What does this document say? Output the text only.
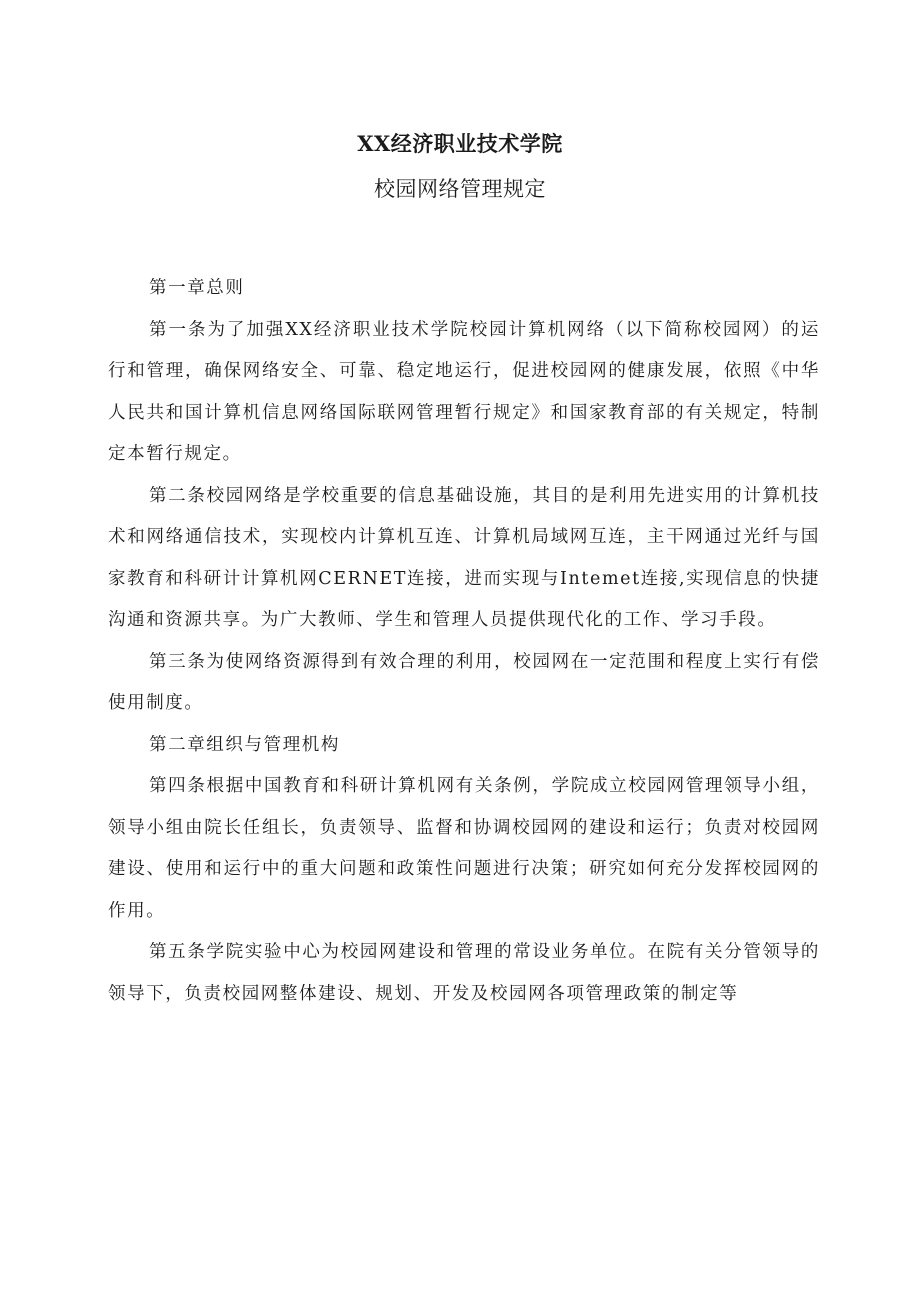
XX经济职业技术学院
校园网络管理规定

第一章总则

第一条为了加强XX经济职业技术学院校园计算机网络（以下简称校园网）的运行和管理，确保网络安全、可靠、稳定地运行，促进校园网的健康发展，依照《中华人民共和国计算机信息网络国际联网管理暂行规定》和国家教育部的有关规定，特制定本暂行规定。

第二条校园网络是学校重要的信息基础设施，其目的是利用先进实用的计算机技术和网络通信技术，实现校内计算机互连、计算机局域网互连，主干网通过光纤与国家教育和科研计计算机网CERNET连接，进而实现与Intemet连接,实现信息的快捷沟通和资源共享。为广大教师、学生和管理人员提供现代化的工作、学习手段。

第三条为使网络资源得到有效合理的利用，校园网在一定范围和程度上实行有偿使用制度。

第二章组织与管理机构

第四条根据中国教育和科研计算机网有关条例，学院成立校园网管理领导小组，领导小组由院长任组长，负责领导、监督和协调校园网的建设和运行；负责对校园网建设、使用和运行中的重大问题和政策性问题进行决策；研究如何充分发挥校园网的作用。

第五条学院实验中心为校园网建设和管理的常设业务单位。在院有关分管领导的领导下，负责校园网整体建设、规划、开发及校园网各项管理政策的制定等
